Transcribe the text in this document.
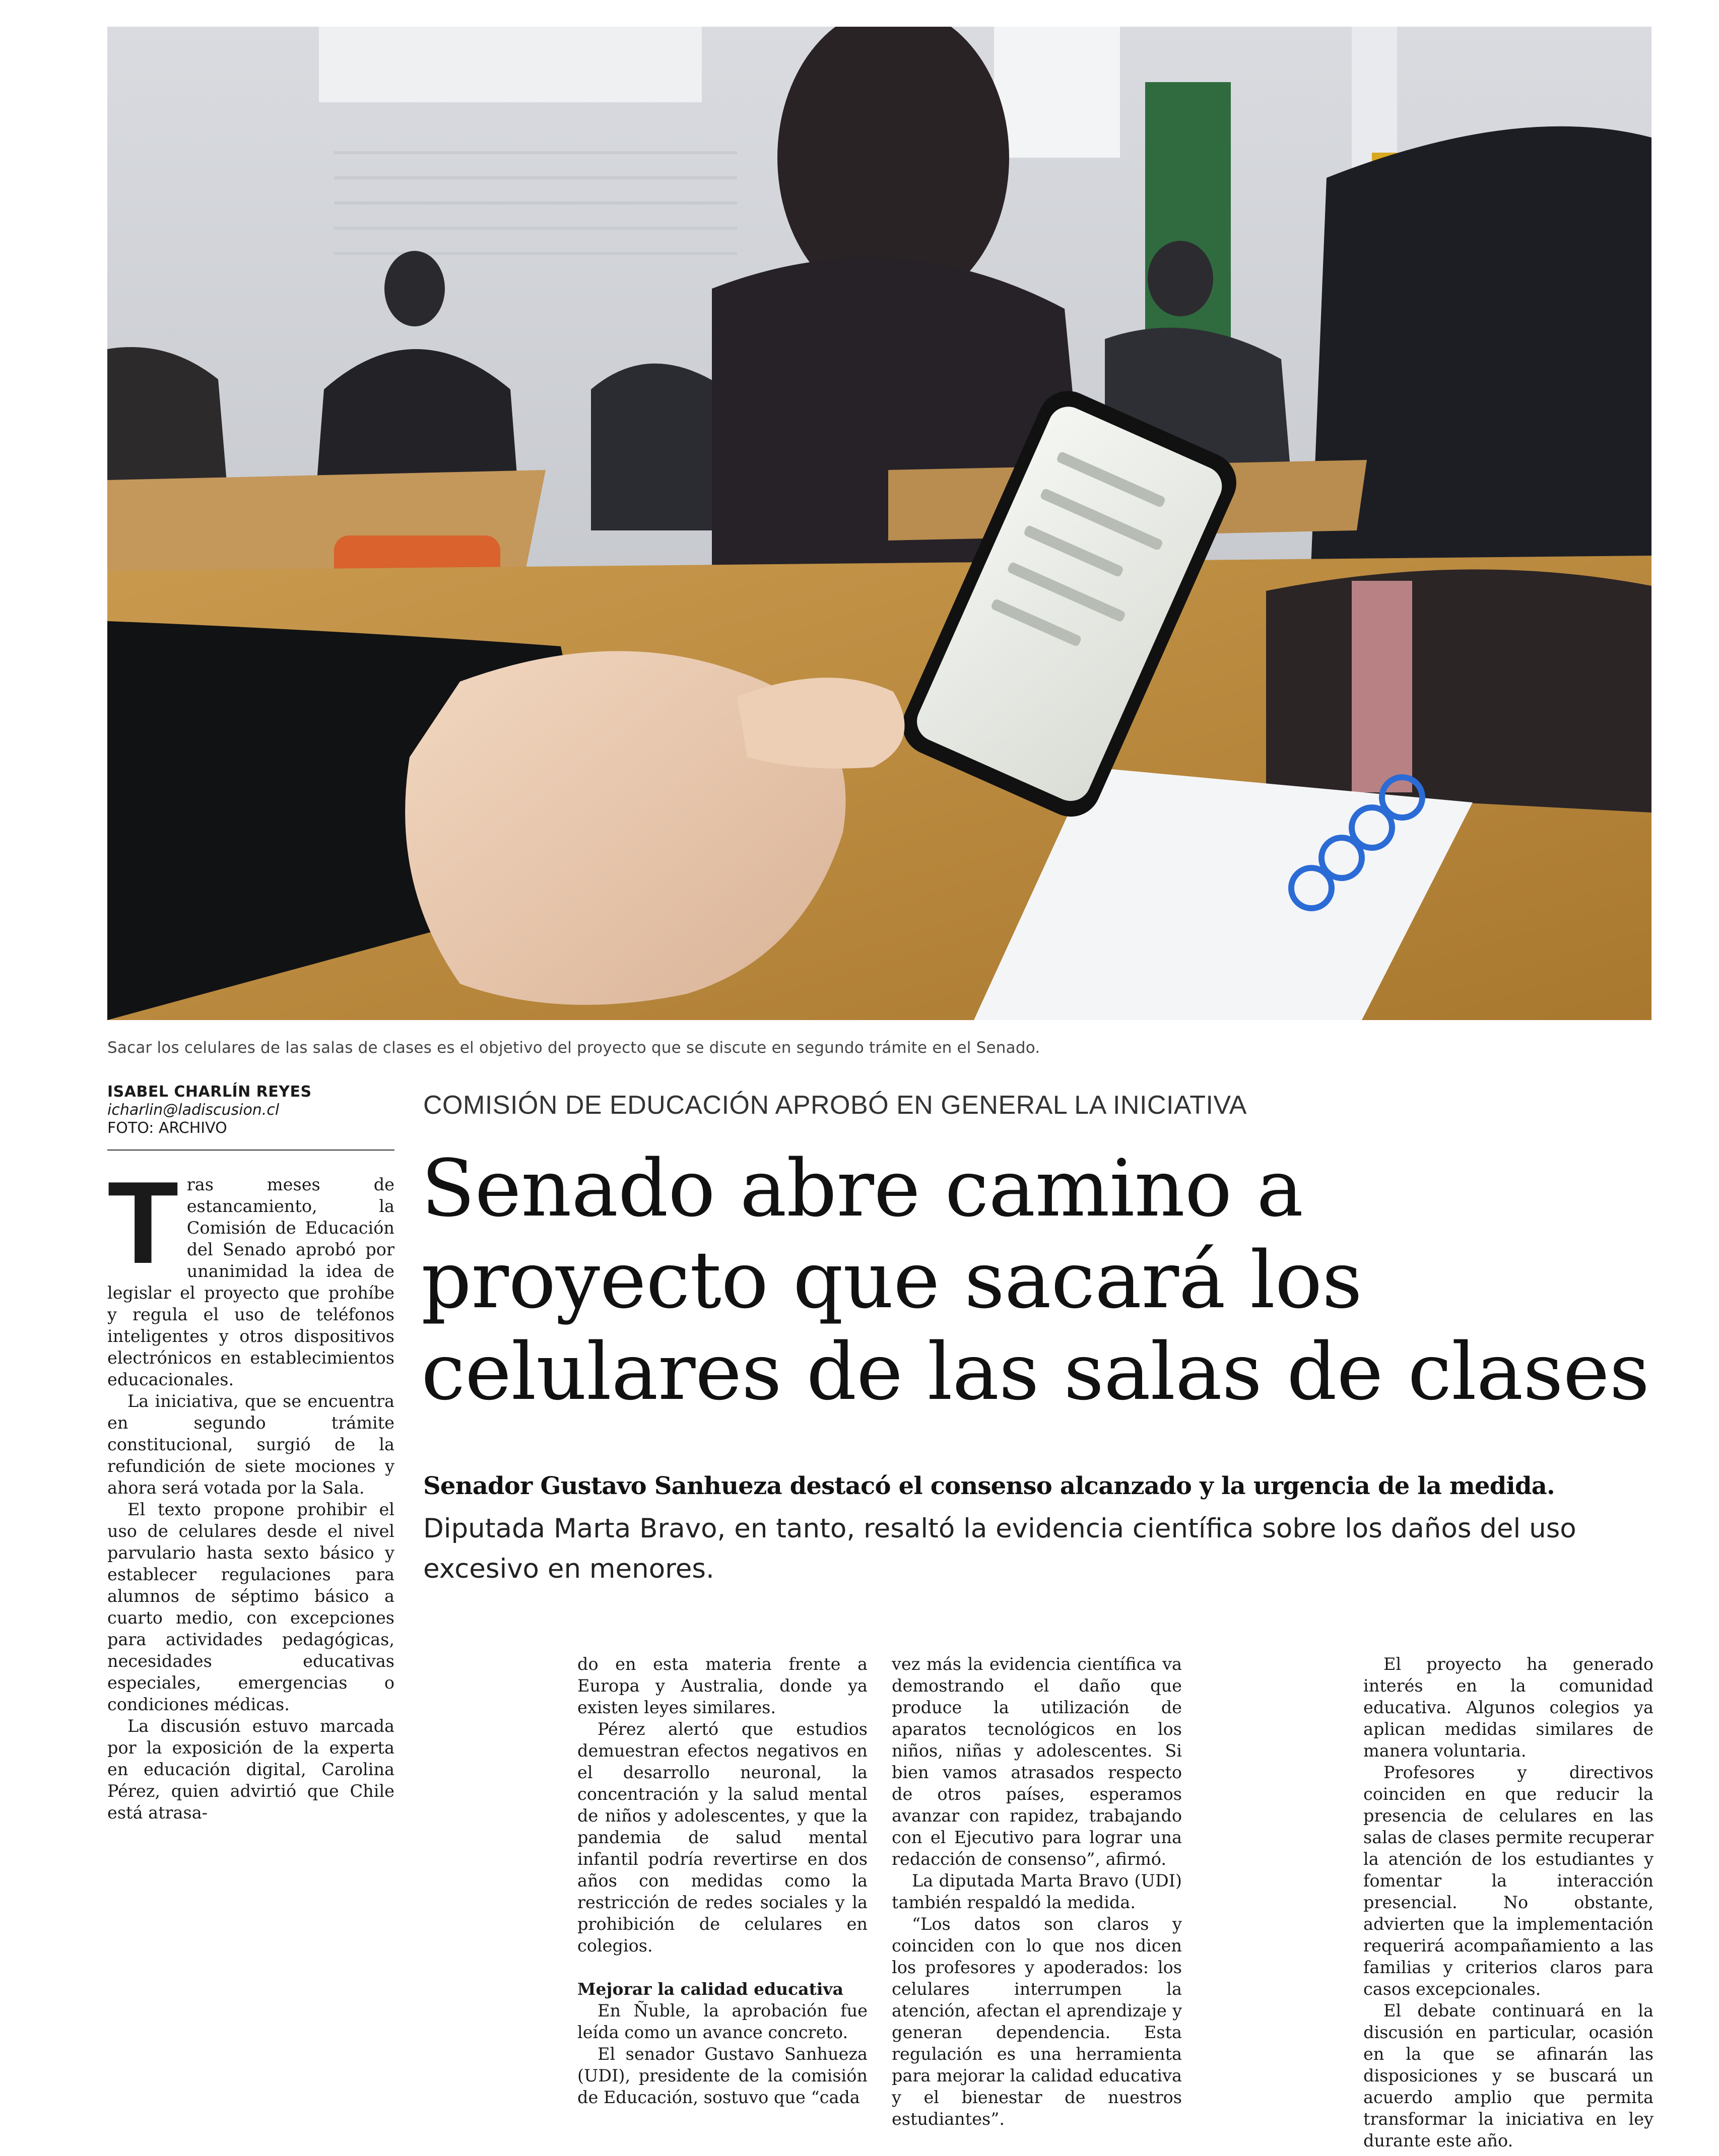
Sacar los celulares de las salas de clases es el objetivo del proyecto que se discute en segundo trámite en el Senado.
ISABEL CHARLÍN REYES
icharlin@ladiscusion.cl
FOTO: ARCHIVO
COMISIÓN DE EDUCACIÓN APROBÓ EN GENERAL LA INICIATIVA
Senado abre camino a
proyecto que sacará los
celulares de las salas de clases
Senador Gustavo Sanhueza destacó el consenso alcanzado y la urgencia de la medida.
Diputada Marta Bravo, en tanto, resaltó la evidencia científica sobre los daños del uso excesivo en menores.

Tras meses de estancamiento, la Comisión de Educación del Senado aprobó por unanimidad la idea de legislar el proyecto que prohíbe y regula el uso de teléfonos inteligentes y otros dispositivos electrónicos en establecimientos educacionales.

La iniciativa, que se encuentra en segundo trámite constitucional, surgió de la refundición de siete mociones y ahora será votada por la Sala.

El texto propone prohibir el uso de celulares desde el nivel parvulario hasta sexto básico y establecer regulaciones para alumnos de séptimo básico a cuarto medio, con excepciones para actividades pedagógicas, necesidades educativas especiales, emergencias o condiciones médicas.

La discusión estuvo marcada por la exposición de la experta en educación digital, Carolina Pérez, quien advirtió que Chile está atrasa-

do en esta materia frente a Europa y Australia, donde ya existen leyes similares.

Pérez alertó que estudios demuestran efectos negativos en el desarrollo neuronal, la concentración y la salud mental de niños y adolescentes, y que la pandemia de salud mental infantil podría revertirse en dos años con medidas como la restricción de redes sociales y la prohibición de celulares en colegios.

Mejorar la calidad educativa

En Ñuble, la aprobación fue leída como un avance concreto.

El senador Gustavo Sanhueza (UDI), presidente de la comisión de Educación, sostuvo que “cada

vez más la evidencia científica va demostrando el daño que produce la utilización de aparatos tecnológicos en los niños, niñas y adolescentes. Si bien vamos atrasados respecto de otros países, esperamos avanzar con rapidez, trabajando con el Ejecutivo para lograr una redacción de consenso”, afirmó.

La diputada Marta Bravo (UDI) también respaldó la medida.

“Los datos son claros y coinciden con lo que nos dicen los profesores y apoderados: los celulares interrumpen la atención, afectan el aprendizaje y generan dependencia. Esta regulación es una herramienta para mejorar la calidad educativa y el bienestar de nuestros estudiantes”.

El proyecto ha generado interés en la comunidad educativa. Algunos colegios ya aplican medidas similares de manera voluntaria.

Profesores y directivos coinciden en que reducir la presencia de celulares en las salas de clases permite recuperar la atención de los estudiantes y fomentar la interacción presencial. No obstante, advierten que la implementación requerirá acompañamiento a las familias y criterios claros para casos excepcionales.

El debate continuará en la discusión en particular, ocasión en la que se afinarán las disposiciones y se buscará un acuerdo amplio que permita transformar la iniciativa en ley durante este año.
